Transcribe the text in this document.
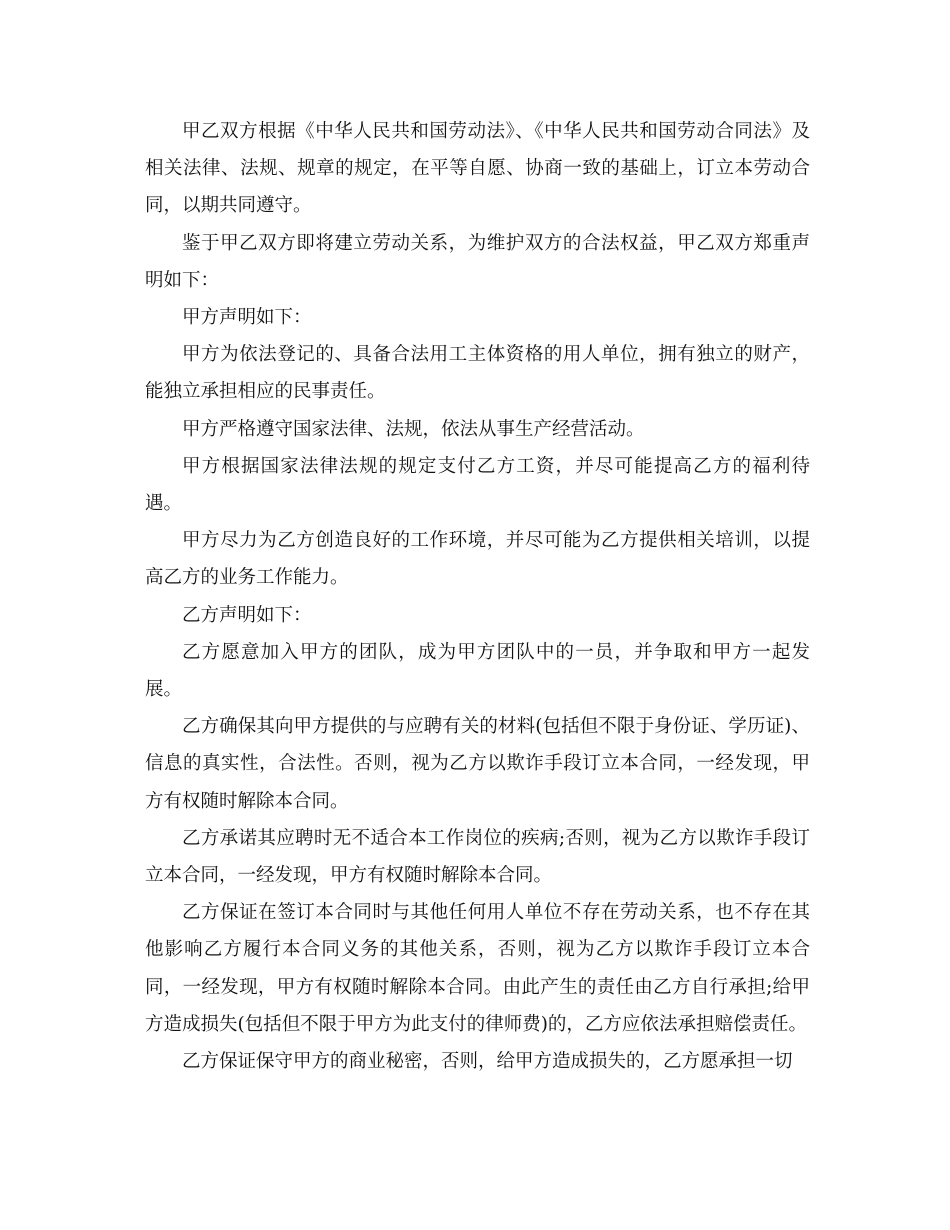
甲乙双方根据《中华人民共和国劳动法》、《中华人民共和国劳动合同法》及相关法律、法规、规章的规定，在平等自愿、协商一致的基础上，订立本劳动合同，以期共同遵守。

鉴于甲乙双方即将建立劳动关系，为维护双方的合法权益，甲乙双方郑重声明如下：

甲方声明如下：

甲方为依法登记的、具备合法用工主体资格的用人单位，拥有独立的财产，能独立承担相应的民事责任。

甲方严格遵守国家法律、法规，依法从事生产经营活动。

甲方根据国家法律法规的规定支付乙方工资，并尽可能提高乙方的福利待遇。

甲方尽力为乙方创造良好的工作环境，并尽可能为乙方提供相关培训，以提高乙方的业务工作能力。

乙方声明如下：

乙方愿意加入甲方的团队，成为甲方团队中的一员，并争取和甲方一起发展。

乙方确保其向甲方提供的与应聘有关的材料(包括但不限于身份证、学历证)、信息的真实性，合法性。否则，视为乙方以欺诈手段订立本合同，一经发现，甲方有权随时解除本合同。

乙方承诺其应聘时无不适合本工作岗位的疾病;否则，视为乙方以欺诈手段订立本合同，一经发现，甲方有权随时解除本合同。

乙方保证在签订本合同时与其他任何用人单位不存在劳动关系，也不存在其他影响乙方履行本合同义务的其他关系，否则，视为乙方以欺诈手段订立本合同，一经发现，甲方有权随时解除本合同。由此产生的责任由乙方自行承担;给甲方造成损失(包括但不限于甲方为此支付的律师费)的，乙方应依法承担赔偿责任。

乙方保证保守甲方的商业秘密，否则，给甲方造成损失的，乙方愿承担一切
